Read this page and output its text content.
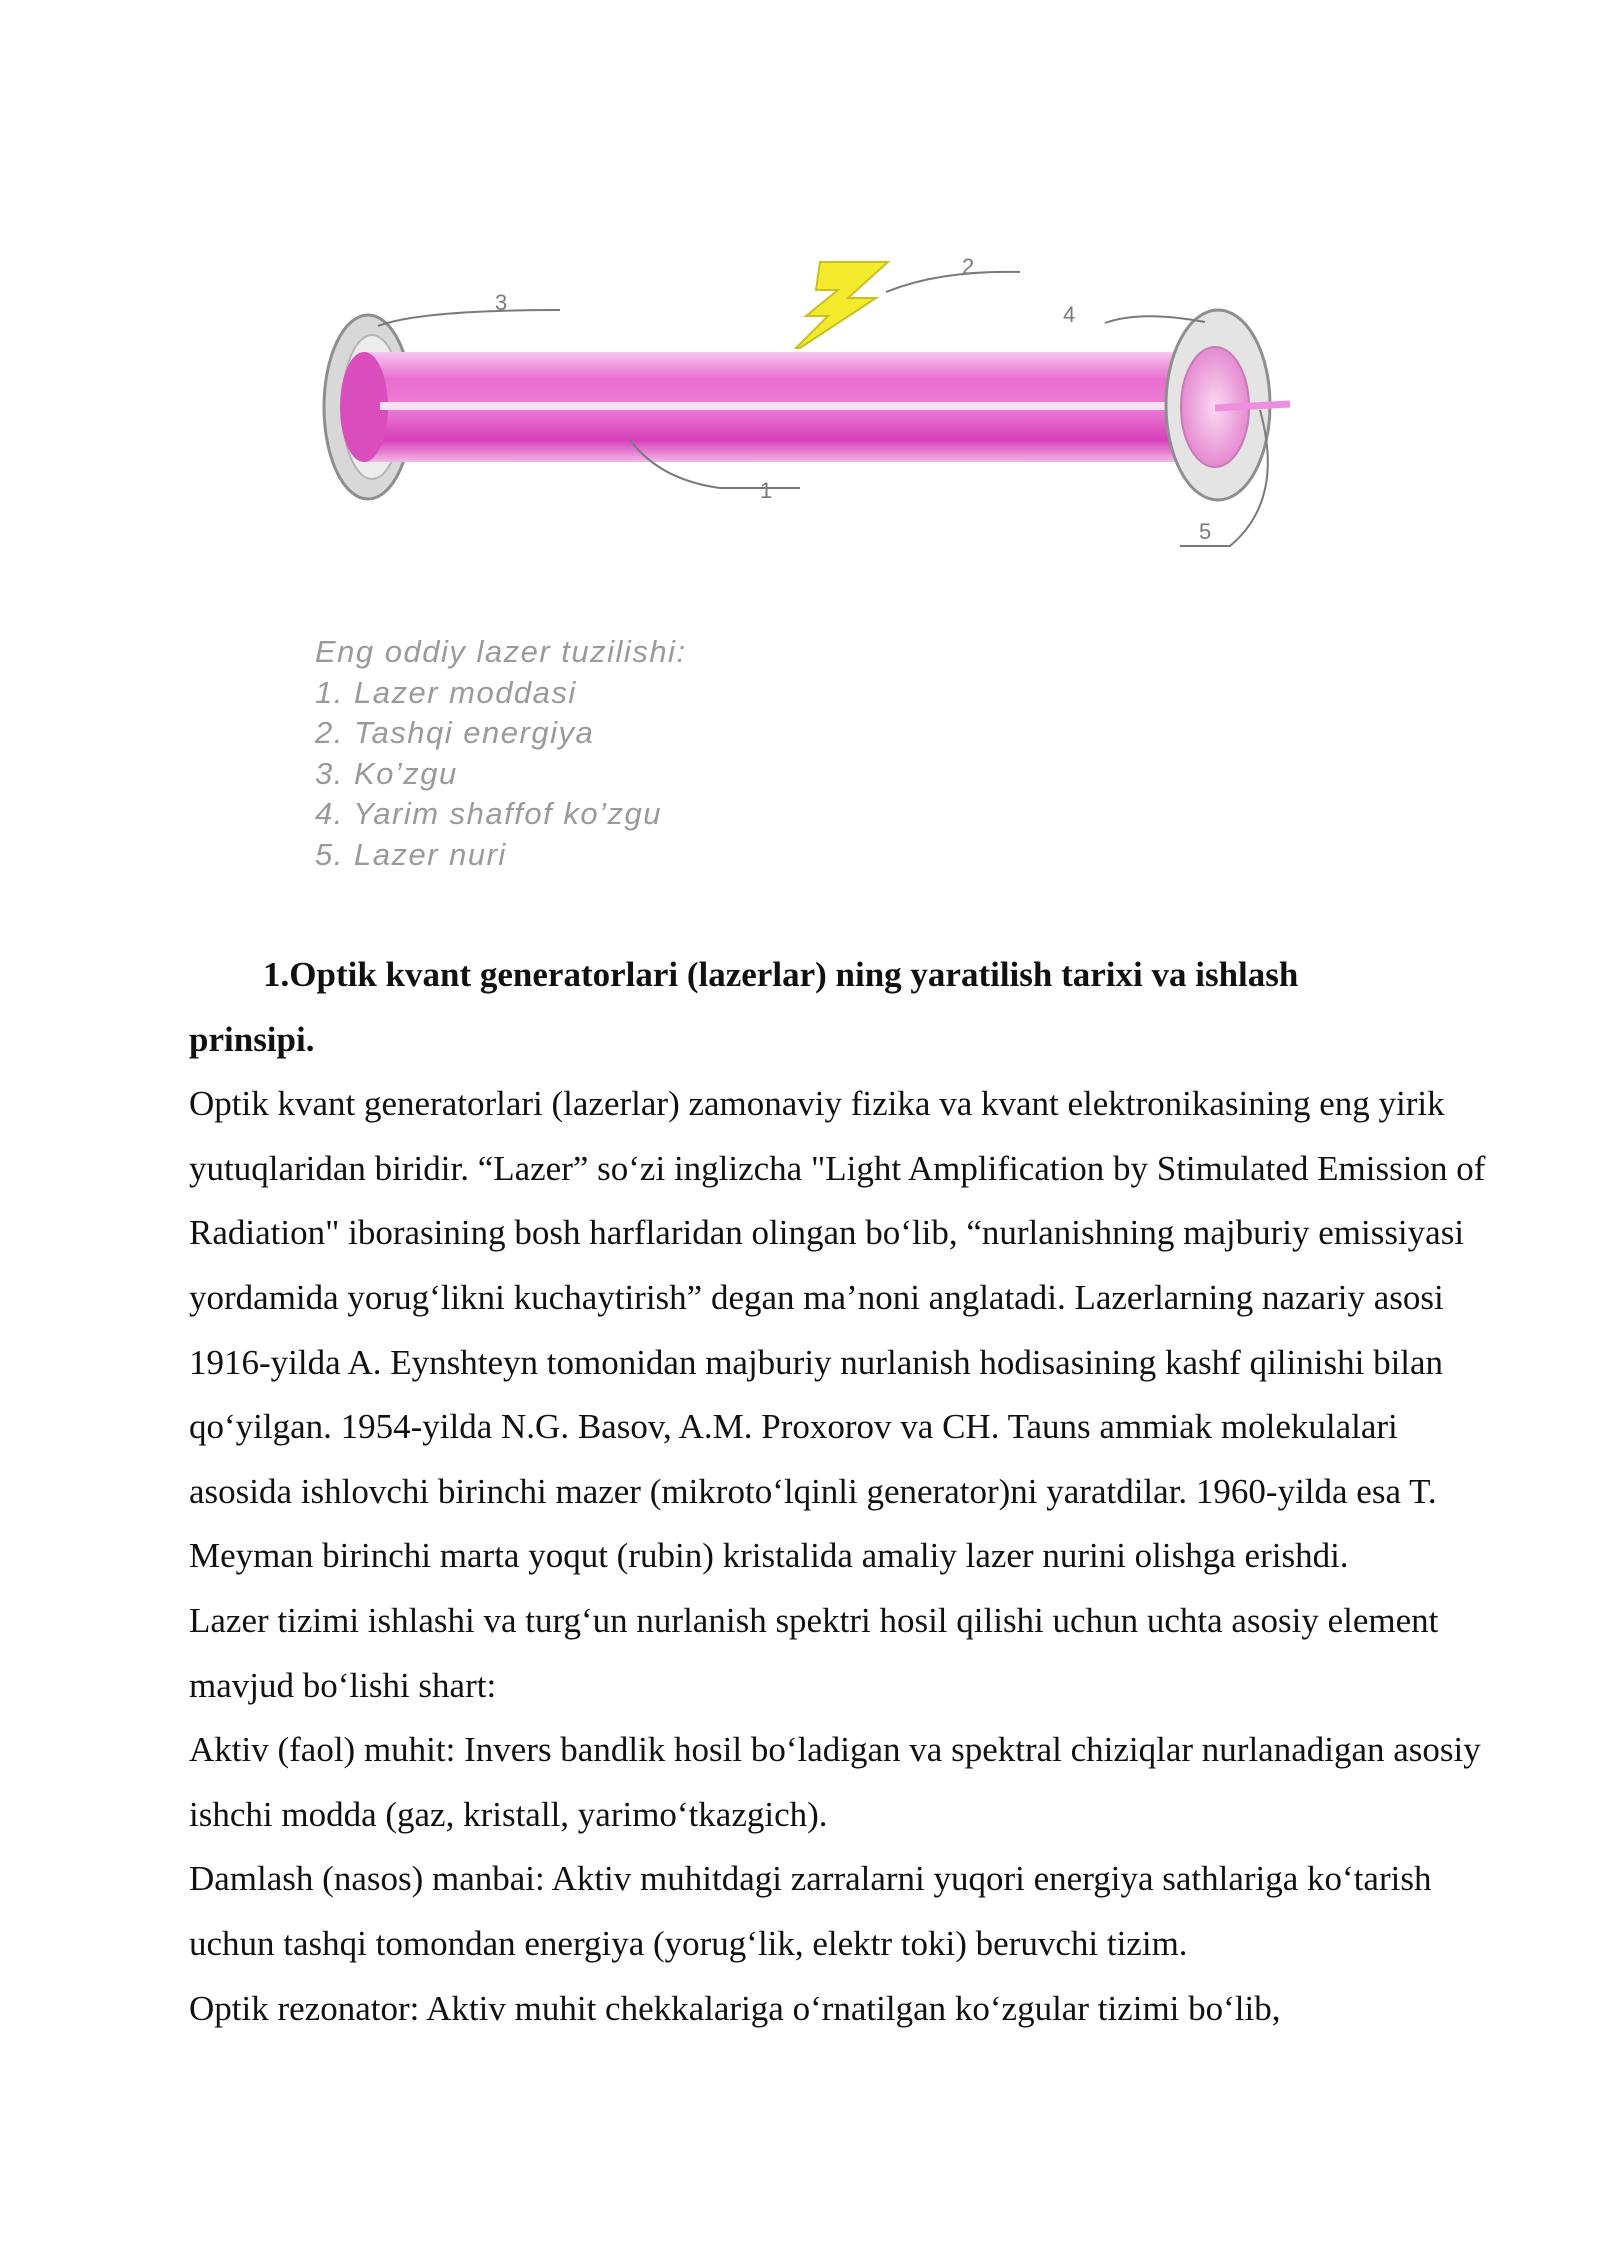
1
2
3	4
5
Eng oddiy lazer tuzilishi:
1. Lazer moddasi
2. Tashqi energiya
3. Ko’zgu
4. Yarim shaffof ko’zgu
5. Lazer nuri
1.Optik kvant generatorlari (lazerlar) ning yaratilish tarixi va ishlash
prinsipi.

Optik kvant generatorlari (lazerlar) zamonaviy fizika va kvant elektronikasining eng yirik yutuqlaridan biridir. “Lazer” so‘zi inglizcha "Light Amplification by Stimulated Emission of Radiation" iborasining bosh harflaridan olingan bo‘lib, “nurlanishning majburiy emissiyasi yordamida yorug‘likni kuchaytirish” degan ma’noni anglatadi. Lazerlarning nazariy asosi 1916-yilda A. Eynshteyn tomonidan majburiy nurlanish hodisasining kashf qilinishi bilan qo‘yilgan. 1954-yilda N.G. Basov, A.M. Proxorov va CH. Tauns ammiak molekulalari asosida ishlovchi birinchi mazer (mikroto‘lqinli generator)ni yaratdilar. 1960-yilda esa T. Meyman birinchi marta yoqut (rubin) kristalida amaliy lazer nurini olishga erishdi.

Lazer tizimi ishlashi va turg‘un nurlanish spektri hosil qilishi uchun uchta asosiy element mavjud bo‘lishi shart:

Aktiv (faol) muhit: Invers bandlik hosil bo‘ladigan va spektral chiziqlar nurlanadigan asosiy ishchi modda (gaz, kristall, yarimo‘tkazgich).

Damlash (nasos) manbai: Aktiv muhitdagi zarralarni yuqori energiya sathlariga ko‘tarish uchun tashqi tomondan energiya (yorug‘lik, elektr toki) beruvchi tizim.

Optik rezonator: Aktiv muhit chekkalariga o‘rnatilgan ko‘zgular tizimi bo‘lib,
